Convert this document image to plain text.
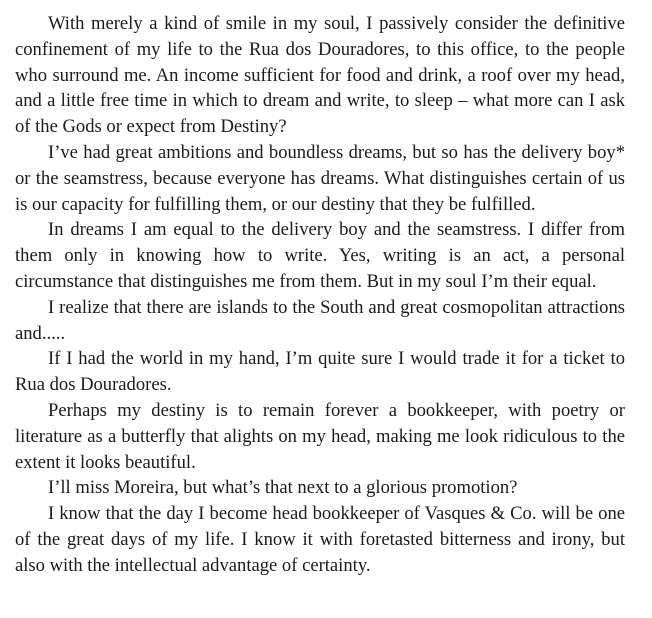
With merely a kind of smile in my soul, I passively consider the definitive confinement of my life to the Rua dos Douradores, to this office, to the people who surround me. An income sufficient for food and drink, a roof over my head, and a little free time in which to dream and write, to sleep – what more can I ask of the Gods or expect from Destiny?

I’ve had great ambitions and boundless dreams, but so has the delivery boy* or the seamstress, because everyone has dreams. What distinguishes certain of us is our capacity for fulfilling them, or our destiny that they be fulfilled.

In dreams I am equal to the delivery boy and the seamstress. I differ from them only in knowing how to write. Yes, writing is an act, a personal circumstance that distinguishes me from them. But in my soul I’m their equal.

I realize that there are islands to the South and great cosmopolitan attractions and.....

If I had the world in my hand, I’m quite sure I would trade it for a ticket to Rua dos Douradores.

Perhaps my destiny is to remain forever a bookkeeper, with poetry or literature as a butterfly that alights on my head, making me look ridiculous to the extent it looks beautiful.

I’ll miss Moreira, but what’s that next to a glorious promotion?

I know that the day I become head bookkeeper of Vasques & Co. will be one of the great days of my life. I know it with foretasted bitterness and irony, but also with the intellectual advantage of certainty.
